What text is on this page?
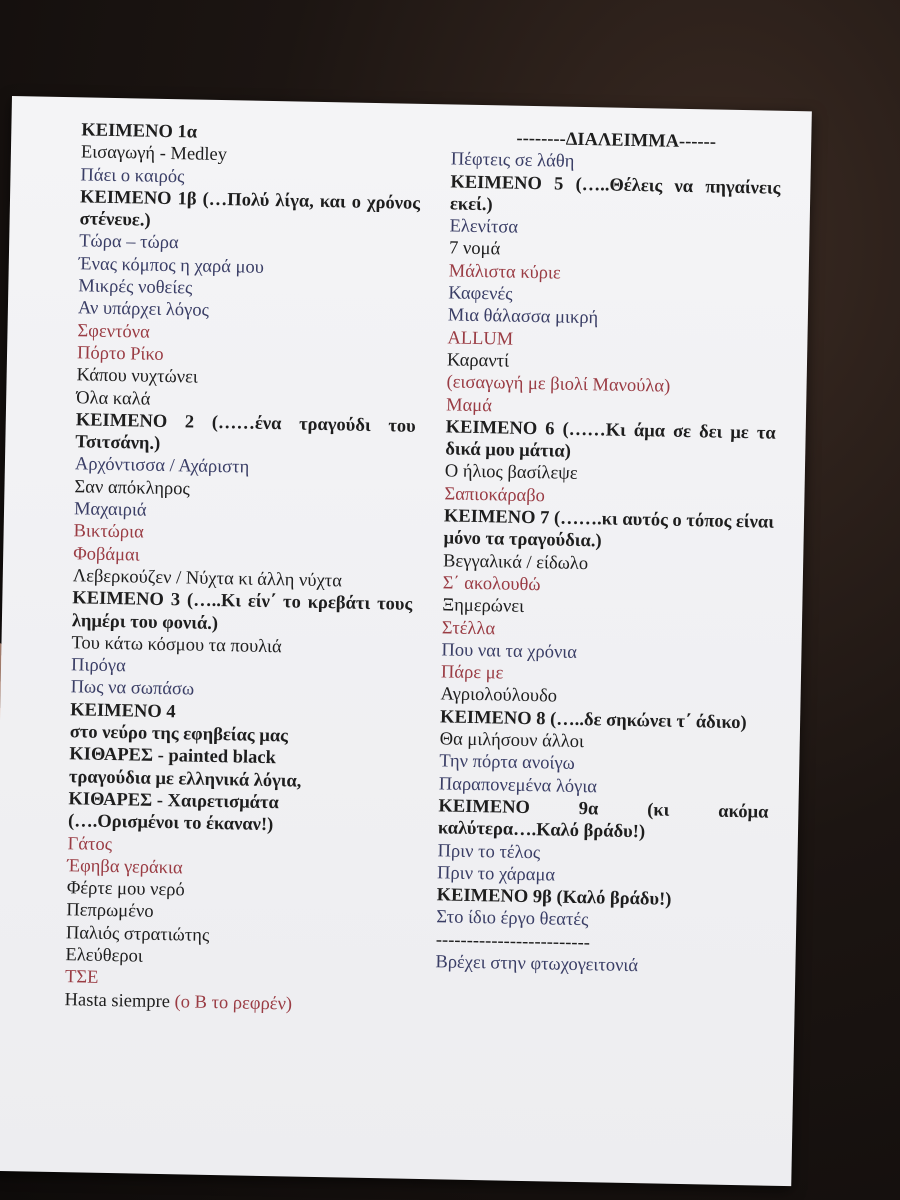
ΚΕΙΜΕΝΟ 1α
Εισαγωγή - Medley
Πάει ο καιρός
ΚΕΙΜΕΝΟ 1β (…Πολύ λίγα, και ο χρόνος στένευε.)
Τώρα – τώρα
Ένας κόμπος η χαρά μου
Μικρές νοθείες
Αν υπάρχει λόγος
Σφεντόνα
Πόρτο Ρίκο
Κάπου νυχτώνει
Όλα καλά
ΚΕΙΜΕΝΟ 2 (……ένα τραγούδι του Τσιτσάνη.)
Αρχόντισσα / Αχάριστη
Σαν απόκληρος
Μαχαιριά
Βικτώρια
Φοβάμαι
Λεβερκούζεν / Νύχτα κι άλλη νύχτα
ΚΕΙΜΕΝΟ 3 (…..Κι είν΄ το κρεβάτι τους λημέρι του φονιά.)
Του κάτω κόσμου τα πουλιά
Πιρόγα
Πως να σωπάσω
ΚΕΙΜΕΝΟ 4
στο νεύρο της εφηβείας μας
ΚΙΘΑΡΕΣ - painted black
τραγούδια με ελληνικά λόγια,
ΚΙΘΑΡΕΣ - Χαιρετισμάτα
(….Ορισμένοι το έκαναν!)
Γάτος
Έφηβα γεράκια
Φέρτε μου νερό
Πεπρωμένο
Παλιός στρατιώτης
Ελεύθεροι
ΤΣΕ
Hasta siempre (ο Β το ρεφρέν)
--------ΔΙΑΛΕΙΜΜΑ------
Πέφτεις σε λάθη
ΚΕΙΜΕΝΟ 5 (…..Θέλεις να πηγαίνεις εκεί.)
Ελενίτσα
7 νομά
Μάλιστα κύριε
Καφενές
Μια θάλασσα μικρή
ALLUM
Καραντί
(εισαγωγή με βιολί Μανούλα)
Μαμά
ΚΕΙΜΕΝΟ 6 (……Κι άμα σε δει με τα δικά μου μάτια)
Ο ήλιος βασίλεψε
Σαπιοκάραβο
ΚΕΙΜΕΝΟ 7 (…….κι αυτός ο τόπος είναι μόνο τα τραγούδια.)
Βεγγαλικά / είδωλο
Σ΄ ακολουθώ
Ξημερώνει
Στέλλα
Που ναι τα χρόνια
Πάρε με
Αγριολούλουδο
ΚΕΙΜΕΝΟ 8 (…..δε σηκώνει τ΄ άδικο)
Θα μιλήσουν άλλοι
Την πόρτα ανοίγω
Παραπονεμένα λόγια
ΚΕΙΜΕΝΟ 9α (κι ακόμα καλύτερα….Καλό βράδυ!)
Πριν το τέλος
Πριν το χάραμα
ΚΕΙΜΕΝΟ 9β (Καλό βράδυ!)
Στο ίδιο έργο θεατές
-------------------------
Βρέχει στην φτωχογειτονιά
